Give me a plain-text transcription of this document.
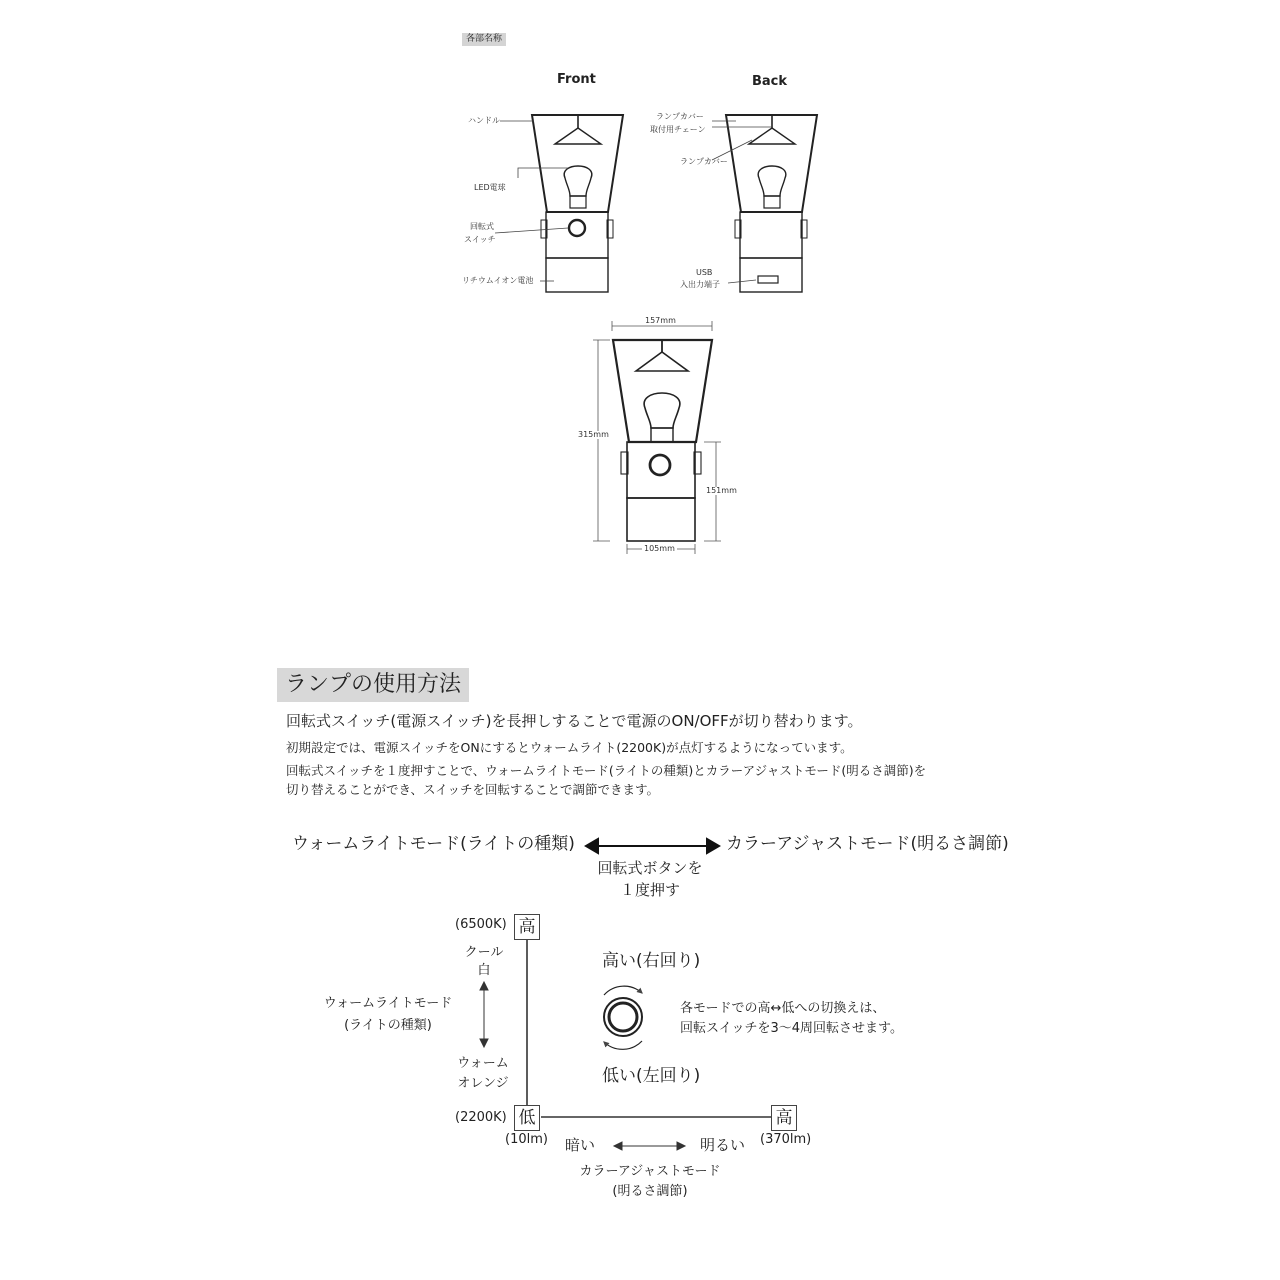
各部名称
Front	Back
ハンドル
LED電球
回転式
スイッチ
リチウムイオン電池
ランプカバー
取付用チェーン
ランプカバー
USB
入出力端子
157mm
315mm
151mm
105mm
ランプの使用方法
回転式スイッチ(電源スイッチ)を長押しすることで電源のON/OFFが切り替わります。
初期設定では、電源スイッチをONにするとウォームライト(2200K)が点灯するようになっています。
回転式スイッチを１度押すことで、ウォームライトモード(ライトの種類)とカラーアジャストモード(明るさ調節)を
切り替えることができ、スイッチを回転することで調節できます。
ウォームライトモード(ライトの種類)	カラーアジャストモード(明るさ調節)
回転式ボタンを
１度押す
(6500K) 高
クール
白
ウォームライトモード
(ライトの種類)
ウォーム
オレンジ
(2200K) 低
(10lm)
高
(370lm)
暗い	明るい
カラーアジャストモード
(明るさ調節)
高い(右回り)
低い(左回り)
各モードでの高↔低への切換えは、
回転スイッチを3～4周回転させます。
